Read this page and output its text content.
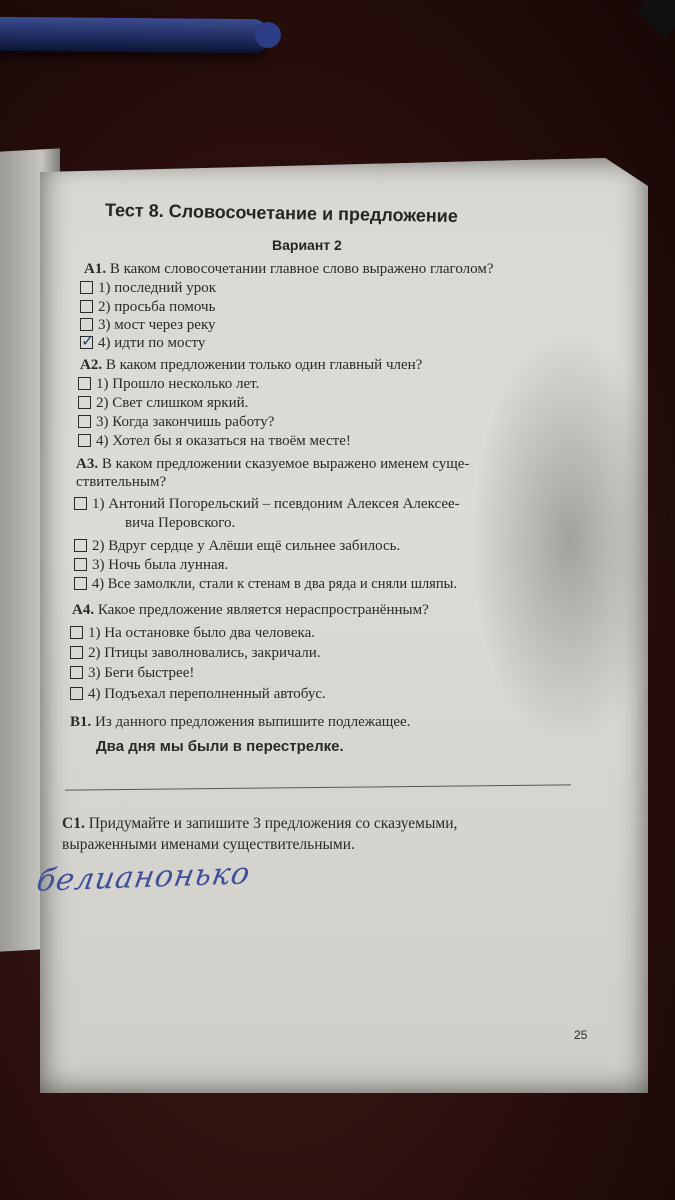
Тест 8. Словосочетание и предложение
Вариант 2
А1. В каком словосочетании главное слово выражено глаголом?
1) последний урок
2) просьба помочь
3) мост через реку
✓ 4) идти по мосту
А2. В каком предложении только один главный член?
1) Прошло несколько лет.
2) Свет слишком яркий.
3) Когда закончишь работу?
4) Хотел бы я оказаться на твоём месте!
А3. В каком предложении сказуемое выражено именем суще-
ствительным?
1) Антоний Погорельский – псевдоним Алексея Алексее-
вича Перовского.
2) Вдруг сердце у Алёши ещё сильнее забилось.
3) Ночь была лунная.
4) Все замолкли, стали к стенам в два ряда и сняли шляпы.
А4. Какое предложение является нераспространённым?
1) На остановке было два человека.
2) Птицы заволновались, закричали.
3) Беги быстрее!
4) Подъехал переполненный автобус.
В1. Из данного предложения выпишите подлежащее.
Два дня мы были в перестрелке.
С1. Придумайте и запишите 3 предложения со сказуемыми,
выраженными именами существительными.
белианонько
25
